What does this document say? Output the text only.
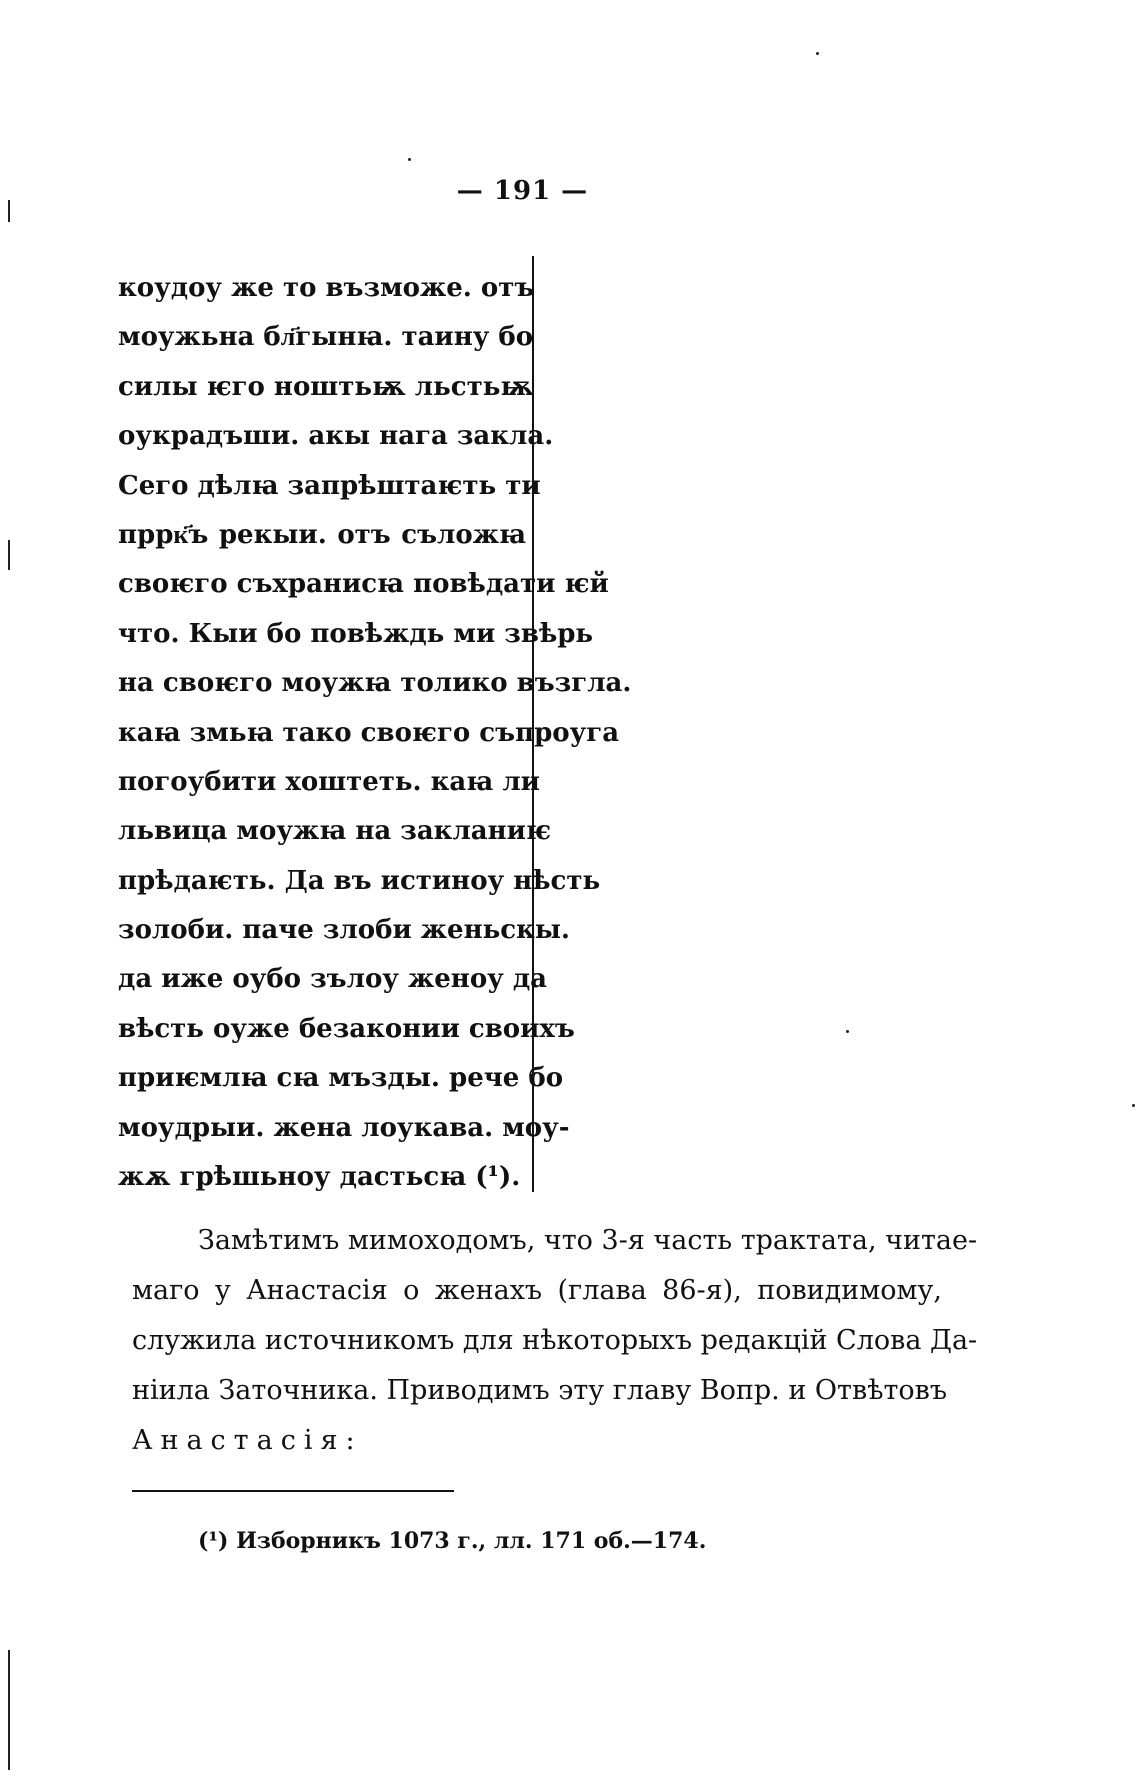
— 191 —
коудоу же то възможе. отъ
моужьна бл҃гынꙗ. таину бо
силы ѥго ноштьѭ льстьѭ
оукрадъши. акы нага закла.
Сего дѣлꙗ запрѣштаѥть ти
пррк҃ъ рекыи. отъ съложꙗ
своѥго съхранисꙗ повѣдати ѥй
что. Кыи бо повѣждь ми звѣрь
на своѥго моужꙗ толико възгла.
каꙗ змьꙗ тако своѥго съпроуга
погоубити хоштеть. каꙗ ли
львица моужꙗ на закланиѥ
прѣдаѥть. Да въ истиноу нѣсть
золоби. паче злоби женьскы.
да иже оубо зълоу женоу да
вѣсть оуже безаконии своихъ
приѥмлꙗ сꙗ мъзды. рече бо
моудрыи. жена лоукава. моу-
жѫ грѣшьноу дастьсꙗ (¹).
Замѣтимъ мимоходомъ, что 3-я часть трактата, читае-
маго у Анастасія о женахъ (глава 86-я), повидимому,
служила источникомъ для нѣкоторыхъ редакцій Слова Да-
нiила Заточника. Приводимъ эту главу Вопр. и Отвѣтовъ
Анастасія:
(¹) Изборникъ 1073 г., лл. 171 об.—174.
